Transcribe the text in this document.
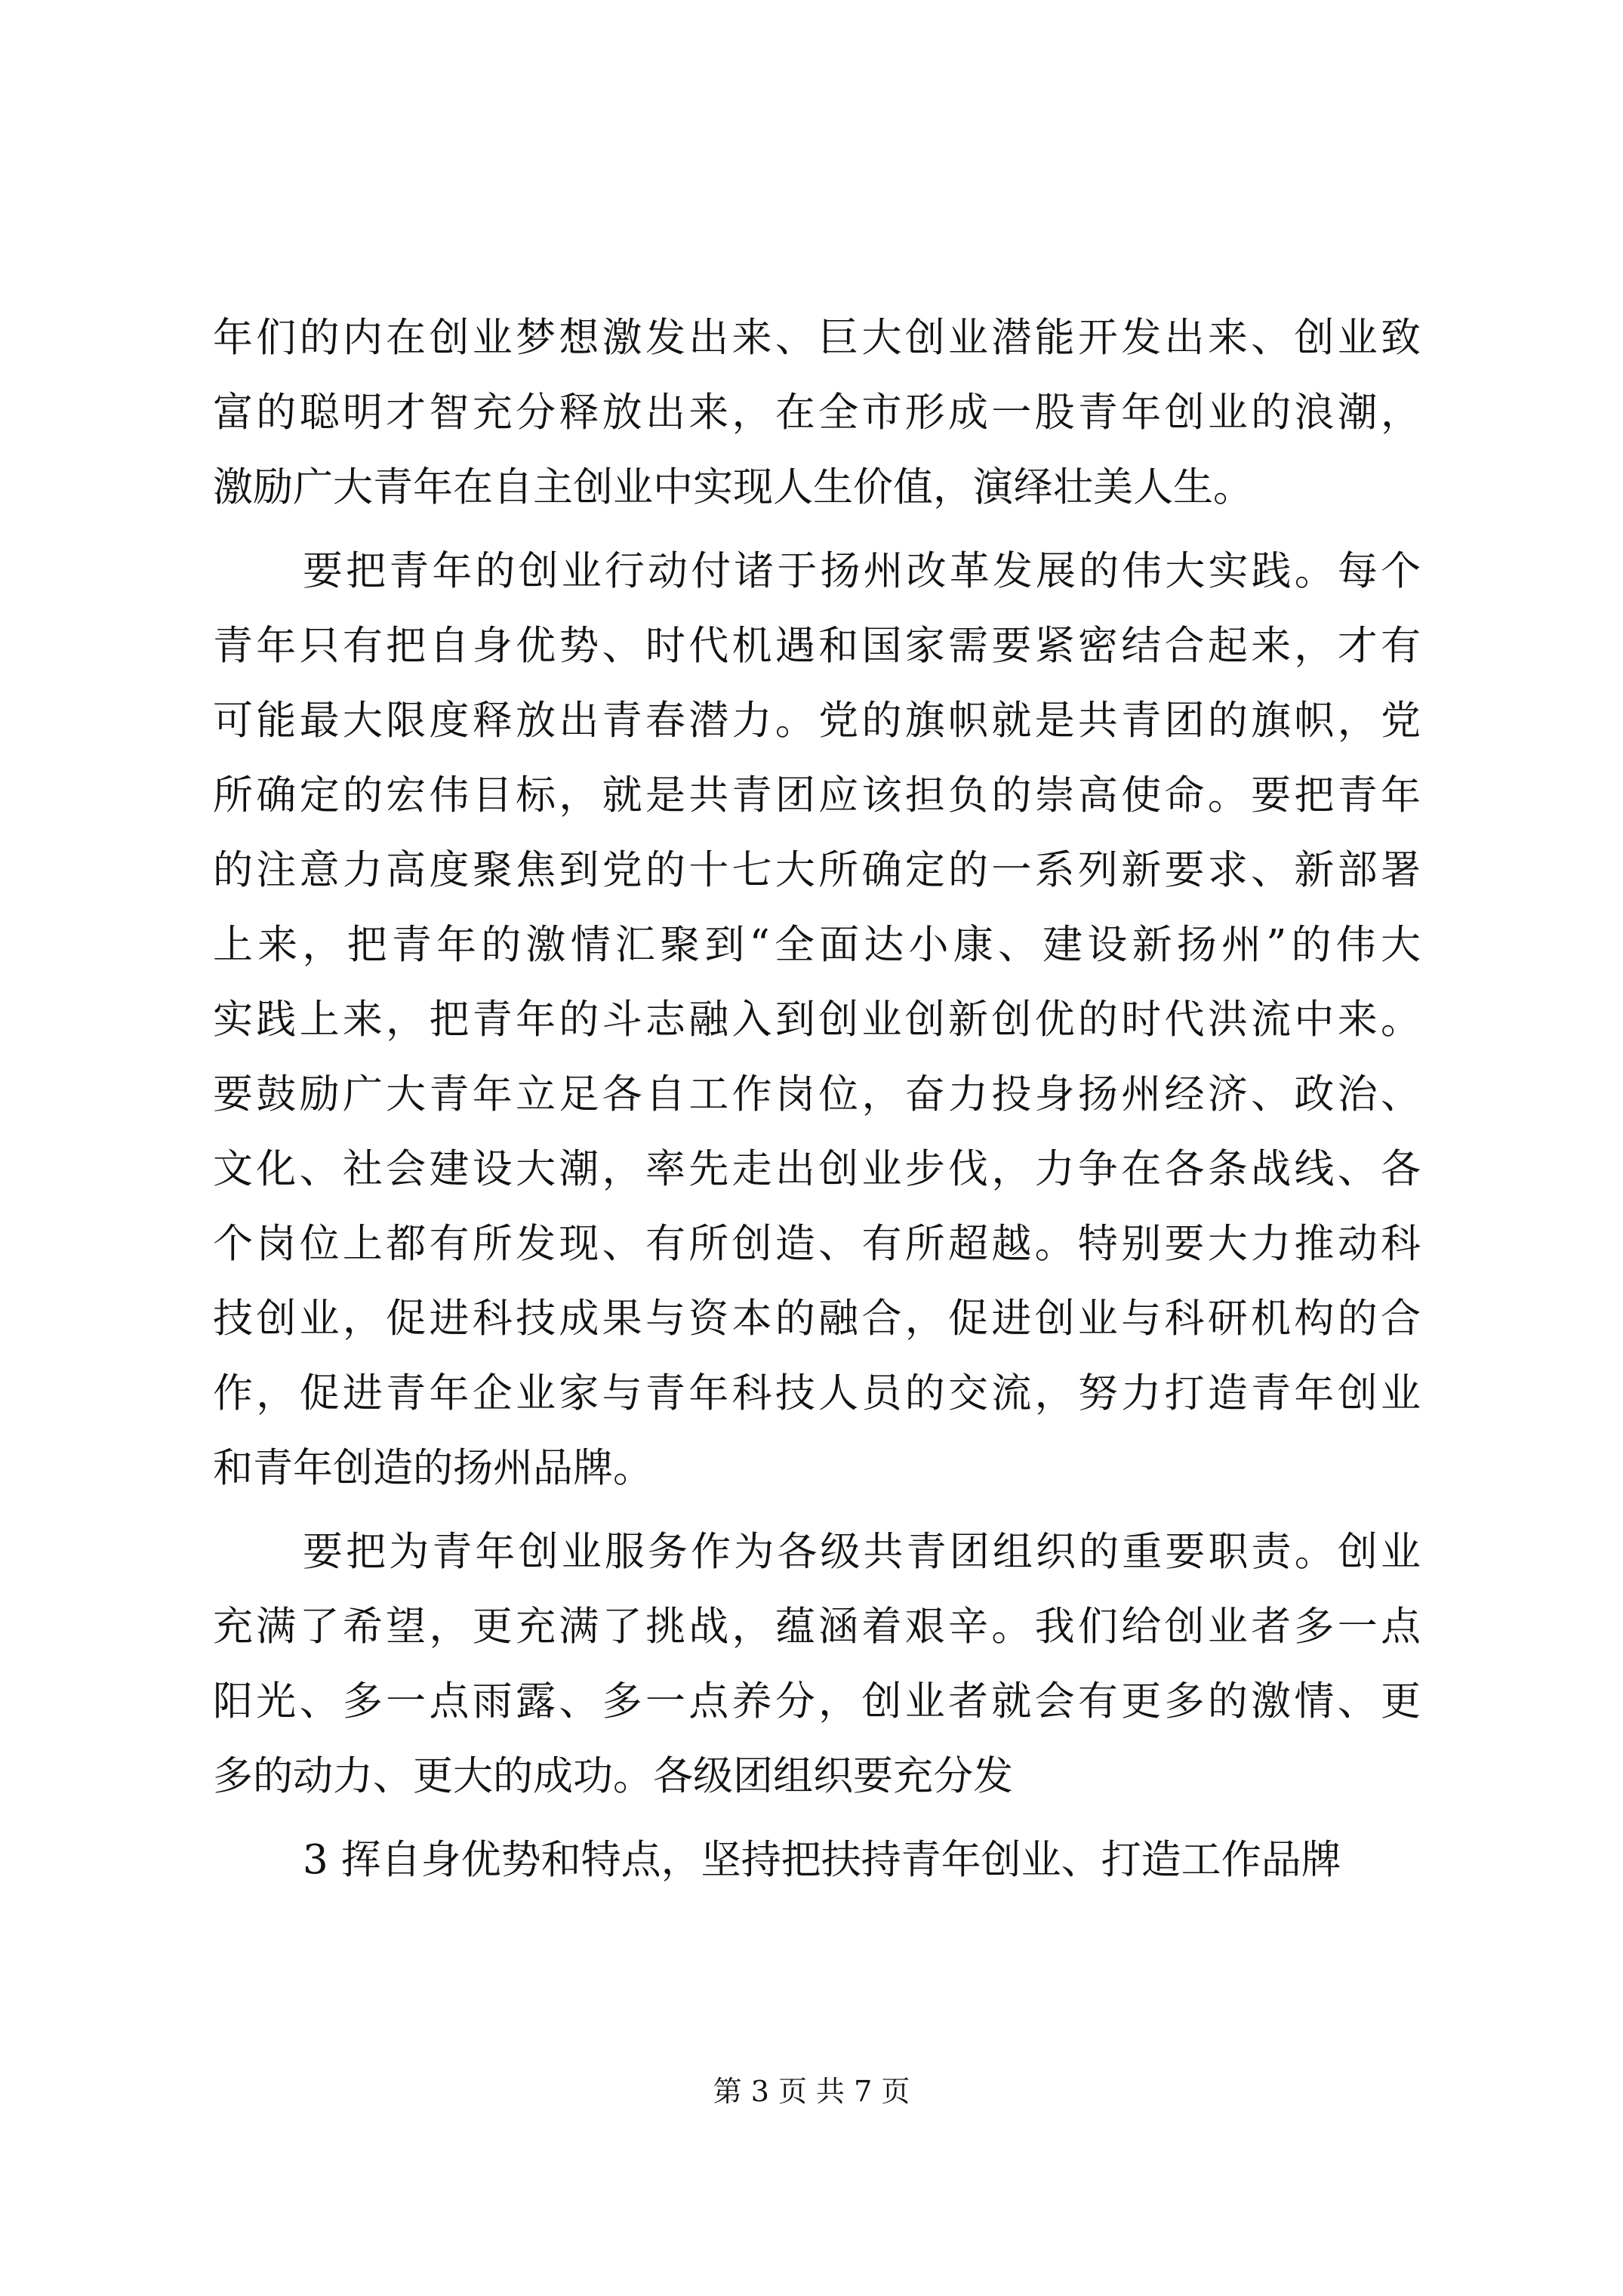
年们的内在创业梦想激发出来、巨大创业潜能开发出来、创业致
富的聪明才智充分释放出来，在全市形成一股青年创业的浪潮，
激励广大青年在自主创业中实现人生价值，演绎壮美人生。
要把青年的创业行动付诸于扬州改革发展的伟大实践。每个
青年只有把自身优势、时代机遇和国家需要紧密结合起来，才有
可能最大限度释放出青春潜力。党的旗帜就是共青团的旗帜，党
所确定的宏伟目标，就是共青团应该担负的崇高使命。要把青年
的注意力高度聚焦到党的十七大所确定的一系列新要求、新部署
上来，把青年的激情汇聚到“全面达小康、建设新扬州”的伟大
实践上来，把青年的斗志融入到创业创新创优的时代洪流中来。
要鼓励广大青年立足各自工作岗位，奋力投身扬州经济、政治、
文化、社会建设大潮，率先走出创业步伐，力争在各条战线、各
个岗位上都有所发现、有所创造、有所超越。特别要大力推动科
技创业，促进科技成果与资本的融合，促进创业与科研机构的合
作，促进青年企业家与青年科技人员的交流，努力打造青年创业
和青年创造的扬州品牌。
要把为青年创业服务作为各级共青团组织的重要职责。创业
充满了希望，更充满了挑战，蕴涵着艰辛。我们给创业者多一点
阳光、多一点雨露、多一点养分，创业者就会有更多的激情、更
多的动力、更大的成功。各级团组织要充分发
3 挥自身优势和特点，坚持把扶持青年创业、打造工作品牌
第 3 页 共 7 页
